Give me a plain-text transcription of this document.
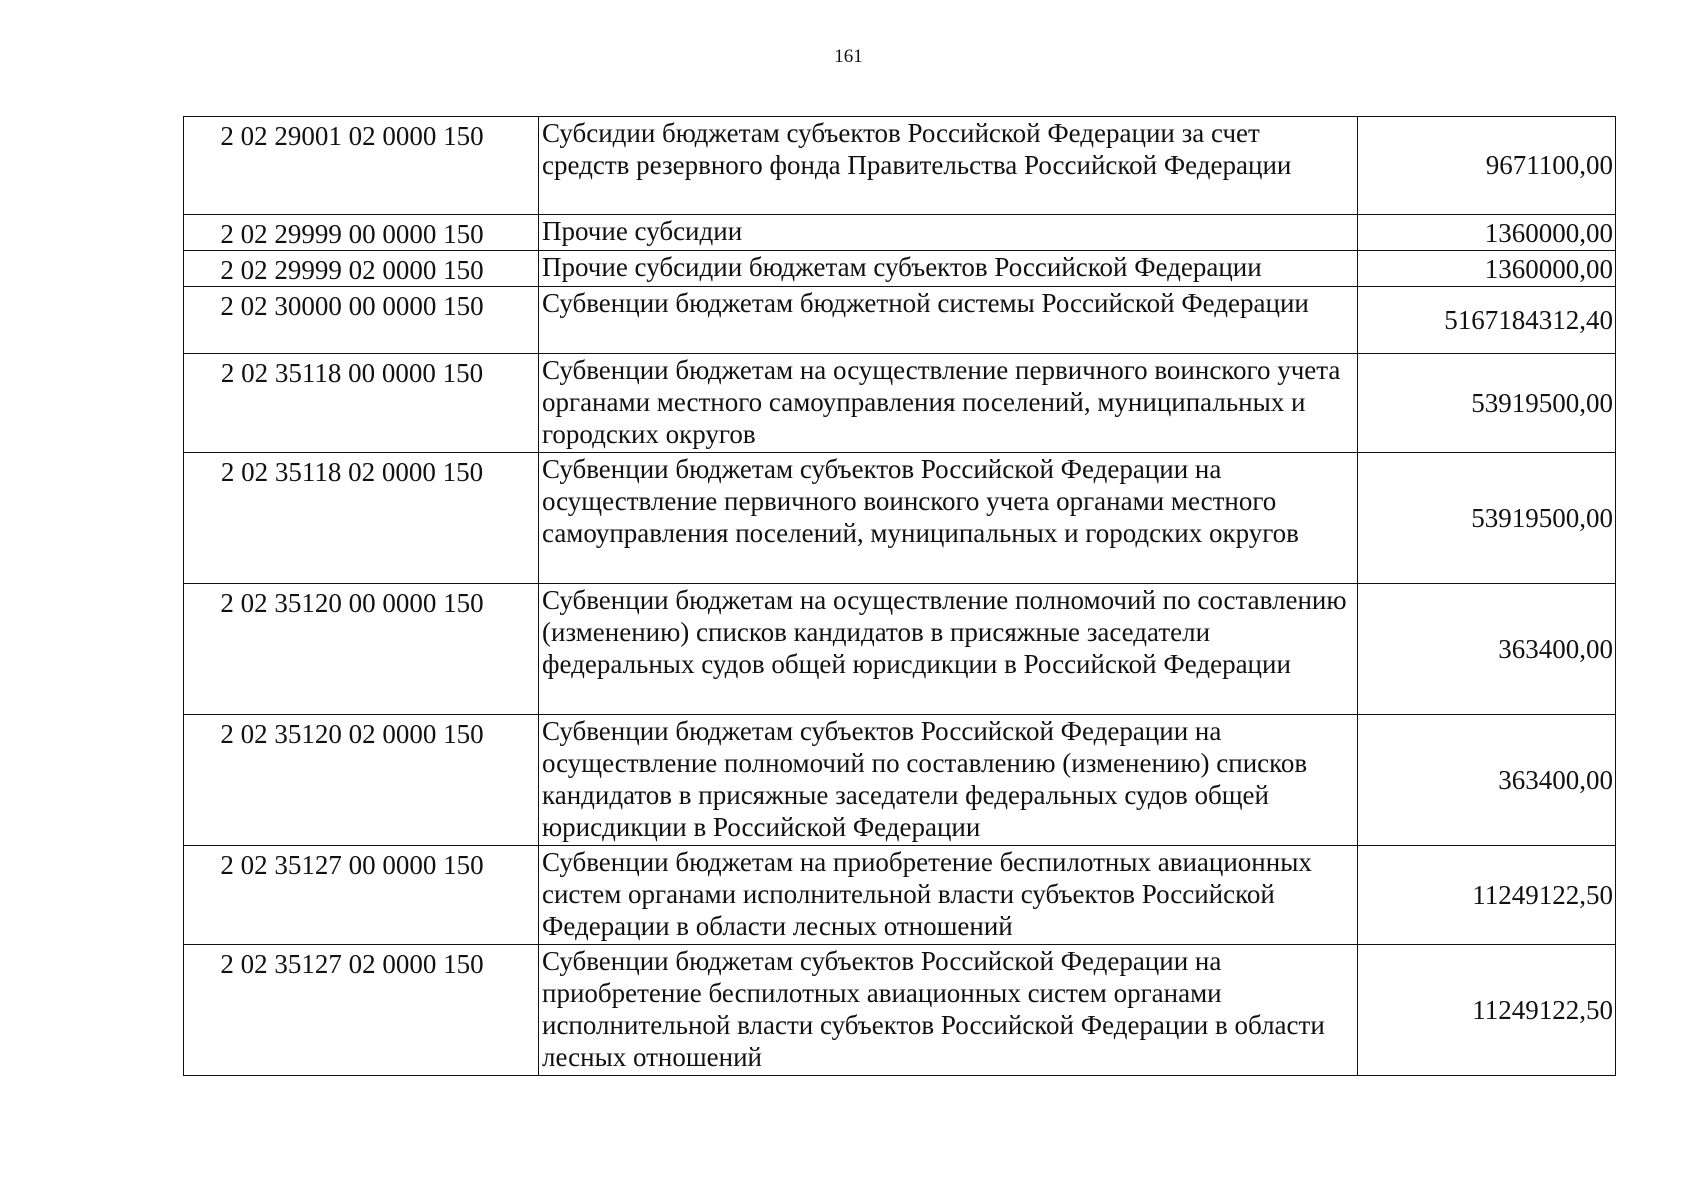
161
2 02 29001 02 0000 150	Субсидии бюджетам субъектов Российской Федерации за счет средств резервного фонда Правительства Российской Федерации	9671100,00
2 02 29999 00 0000 150	Прочие субсидии	1360000,00
2 02 29999 02 0000 150	Прочие субсидии бюджетам субъектов Российской Федерации	1360000,00
2 02 30000 00 0000 150	Субвенции бюджетам бюджетной системы Российской Федерации	5167184312,40
2 02 35118 00 0000 150	Субвенции бюджетам на осуществление первичного воинского учета органами местного самоуправления поселений, муниципальных и городских округов	53919500,00
2 02 35118 02 0000 150	Субвенции бюджетам субъектов Российской Федерации на осуществление первичного воинского учета органами местного самоуправления поселений, муниципальных и городских округов	53919500,00
2 02 35120 00 0000 150	Субвенции бюджетам на осуществление полномочий по составлению (изменению) списков кандидатов в присяжные заседатели федеральных судов общей юрисдикции в Российской Федерации	363400,00
2 02 35120 02 0000 150	Субвенции бюджетам субъектов Российской Федерации на осуществление полномочий по составлению (изменению) списков кандидатов в присяжные заседатели федеральных судов общей юрисдикции в Российской Федерации	363400,00
2 02 35127 00 0000 150	Субвенции бюджетам на приобретение беспилотных авиационных систем органами исполнительной власти субъектов Российской Федерации в области лесных отношений	11249122,50
2 02 35127 02 0000 150	Субвенции бюджетам субъектов Российской Федерации на приобретение беспилотных авиационных систем органами исполнительной власти субъектов Российской Федерации в области лесных отношений	11249122,50
